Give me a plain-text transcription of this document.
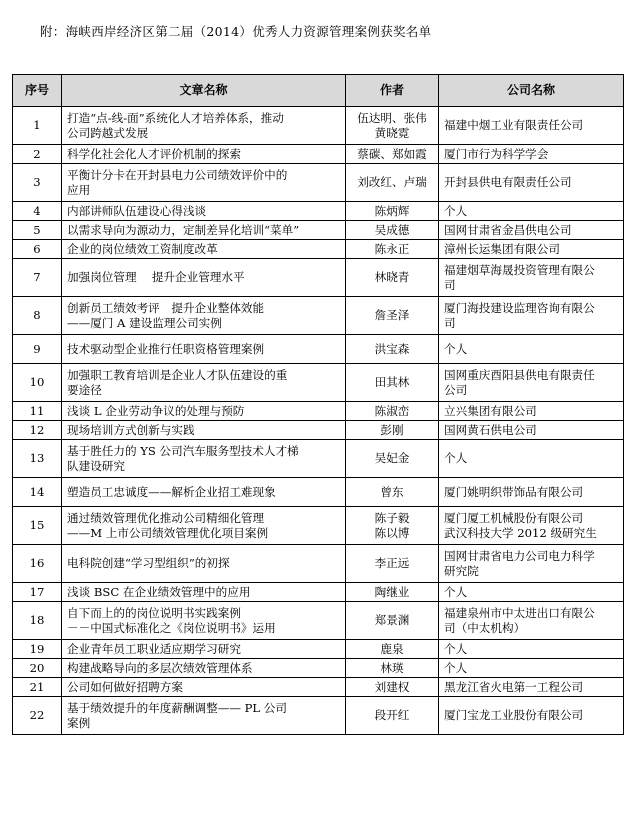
附：海峡西岸经济区第二届（2014）优秀人力资源管理案例获奖名单
序号	文章名称	作者	公司名称
1	打造“点-线-面”系统化人才培养体系，推动
公司跨越式发展	伍达明、张伟
黄晓霓	福建中烟工业有限责任公司

2	科学化社会化人才评价机制的探索	蔡碳、郑如霞	厦门市行为科学学会

3	平衡计分卡在开封县电力公司绩效评价中的
应用	刘改红、卢瑞	开封县供电有限责任公司

4	内部讲师队伍建设心得浅谈	陈炳辉	个人

5	以需求导向为源动力，定制差异化培训“菜单”	吴成德	国网甘肃省金昌供电公司

6	企业的岗位绩效工资制度改革	陈永正	漳州长运集团有限公司

7	加强岗位管理　 提升企业管理水平	林晓青	福建烟草海晟投资管理有限公
司

8	创新员工绩效考评　提升企业整体效能
——厦门 A 建设监理公司实例	詹圣泽	厦门海投建设监理咨询有限公
司

9	技术驱动型企业推行任职资格管理案例	洪宝森	个人

10	加强职工教育培训是企业人才队伍建设的重
要途径	田其林	国网重庆酉阳县供电有限责任
公司

11	浅谈 L 企业劳动争议的处理与预防	陈淑峦	立兴集团有限公司

12	现场培训方式创新与实践	彭刚	国网黄石供电公司

13	基于胜任力的 YS 公司汽车服务型技术人才梯
队建设研究	吴妃金	个人

14	塑造员工忠诚度——解析企业招工难现象	曾东	厦门姚明织带饰品有限公司

15	通过绩效管理优化推动公司精细化管理
——M 上市公司绩效管理优化项目案例	陈子毅
陈以博	厦门厦工机械股份有限公司
武汉科技大学 2012 级研究生

16	电科院创建“学习型组织”的初探	李正远	国网甘肃省电力公司电力科学
研究院

17	浅谈 BSC 在企业绩效管理中的应用	陶继业	个人

18	自下而上的的岗位说明书实践案例
－－中国式标准化之《岗位说明书》运用	郑景渊	福建泉州市中太进出口有限公
司（中太机构）

19	企业青年员工职业适应期学习研究	鹿泉	个人

20	构建战略导向的多层次绩效管理体系	林瑛	个人

21	公司如何做好招聘方案	刘建权	黑龙江省火电第一工程公司

22	基于绩效提升的年度薪酬调整—— PL 公司
案例	段开红	厦门宝龙工业股份有限公司
